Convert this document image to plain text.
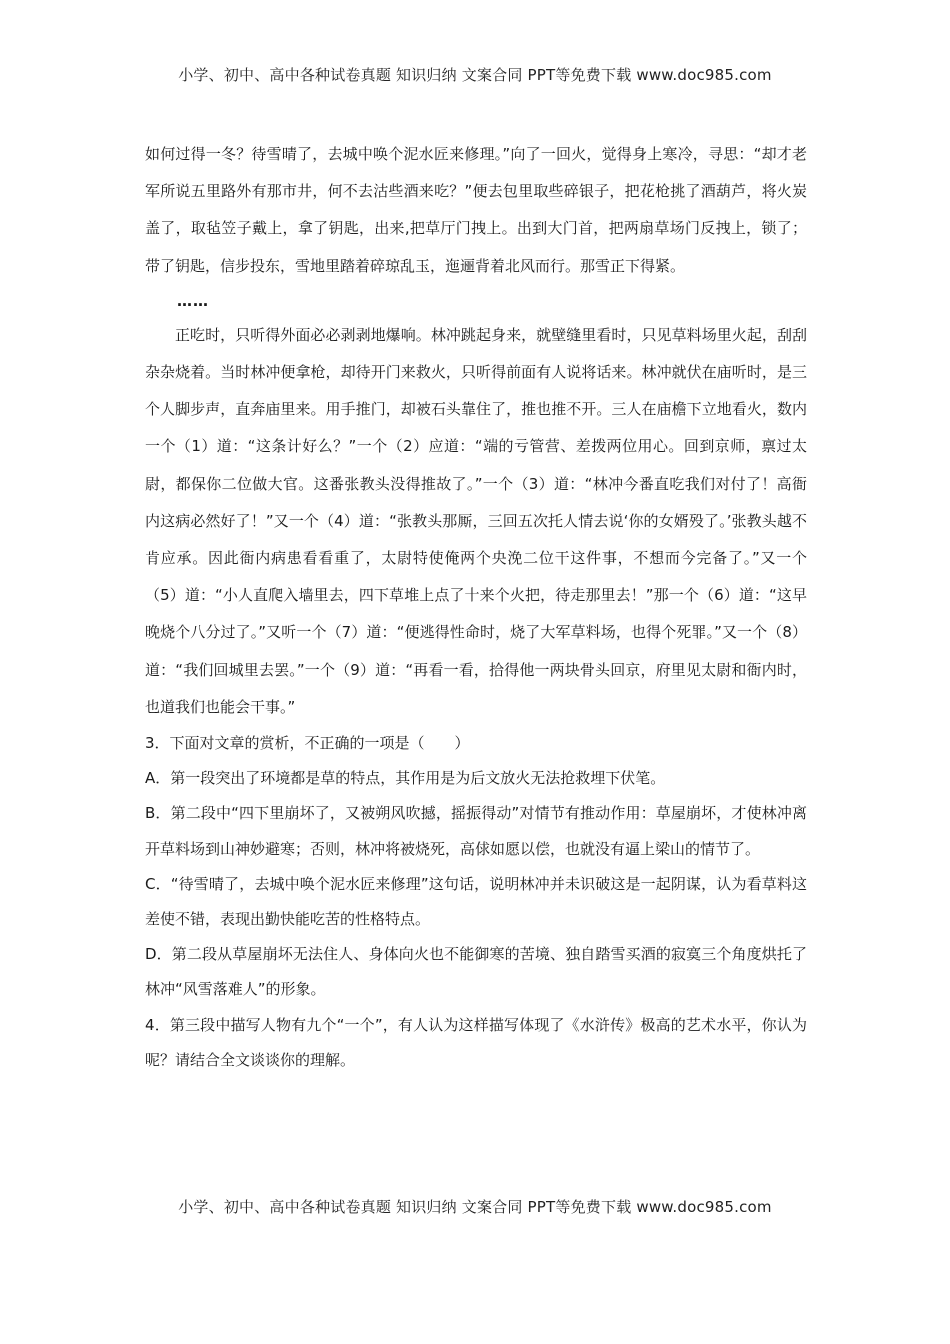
小学、初中、高中各种试卷真题 知识归纳 文案合同 PPT等免费下载 www.doc985.com

如何过得一冬？待雪晴了，去城中唤个泥水匠来修理。”向了一回火，觉得身上寒冷，寻思：“却才老军所说五里路外有那市井，何不去沽些酒来吃？”便去包里取些碎银子，把花枪挑了酒葫芦，将火炭盖了，取毡笠子戴上，拿了钥匙，出来,把草厅门拽上。出到大门首，把两扇草场门反拽上，锁了；带了钥匙，信步投东，雪地里踏着碎琼乱玉，迤逦背着北风而行。那雪正下得紧。

……

正吃时，只听得外面必必剥剥地爆响。林冲跳起身来，就壁缝里看时，只见草料场里火起，刮刮杂杂烧着。当时林冲便拿枪，却待开门来救火，只听得前面有人说将话来。林冲就伏在庙听时，是三个人脚步声，直奔庙里来。用手推门，却被石头靠住了，推也推不开。三人在庙檐下立地看火，数内一个（1）道：“这条计好么？”一个（2）应道：“端的亏管营、差拨两位用心。回到京师，禀过太尉，都保你二位做大官。这番张教头没得推故了。”一个（3）道：“林冲今番直吃我们对付了！高衙内这病必然好了！”又一个（4）道：“张教头那厮，三回五次托人情去说‘你的女婿殁了。’张教头越不肯应承。因此衙内病患看看重了，太尉特使俺两个央浼二位干这件事，不想而今完备了。”又一个（5）道：“小人直爬入墙里去，四下草堆上点了十来个火把，待走那里去！”那一个（6）道：“这早晚烧个八分过了。”又听一个（7）道：“便逃得性命时，烧了大军草料场，也得个死罪。”又一个（8）道：“我们回城里去罢。”一个（9）道：“再看一看，拾得他一两块骨头回京，府里见太尉和衙内时，也道我们也能会干事。”

3．下面对文章的赏析，不正确的一项是（　　）

A．第一段突出了环境都是草的特点，其作用是为后文放火无法抢救埋下伏笔。

B．第二段中“四下里崩坏了，又被朔风吹撼，摇振得动”对情节有推动作用：草屋崩坏，才使林冲离开草料场到山神妙避寒；否则，林冲将被烧死，高俅如愿以偿，也就没有逼上梁山的情节了。

C．“待雪晴了，去城中唤个泥水匠来修理”这句话，说明林冲并未识破这是一起阴谋，认为看草料这差使不错，表现出勤快能吃苦的性格特点。

D．第二段从草屋崩坏无法住人、身体向火也不能御寒的苦境、独自踏雪买酒的寂寞三个角度烘托了林冲“风雪落难人”的形象。

4．第三段中描写人物有九个“一个”，有人认为这样描写体现了《水浒传》极高的艺术水平，你认为呢？请结合全文谈谈你的理解。

小学、初中、高中各种试卷真题 知识归纳 文案合同 PPT等免费下载 www.doc985.com
